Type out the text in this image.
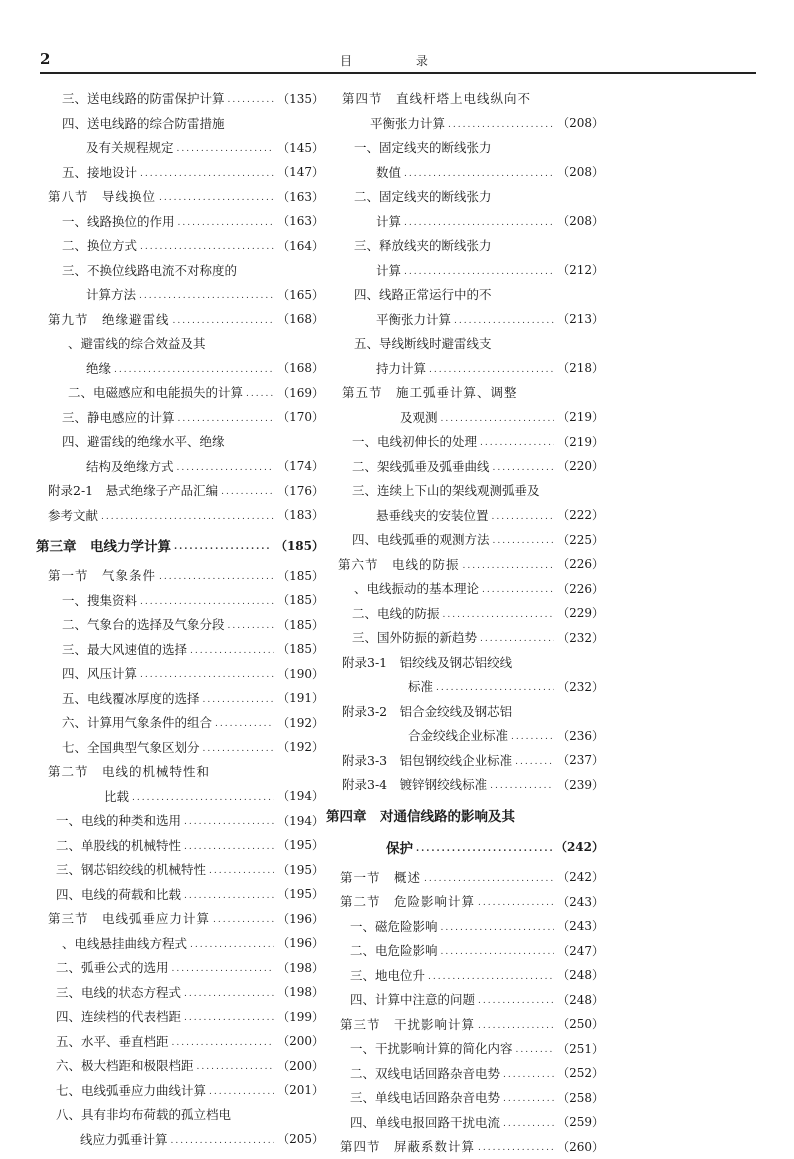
2	目 录
三、送电线路的防雷保护计算 .....	（135）
四、送电线路的综合防雷措施
及有关规程规定 .....	（145）
五、接地设计 .....	（147）
第八节　导线换位 .....	（163）
一、线路换位的作用 .....	（163）
二、换位方式 .....	（164）
三、不换位线路电流不对称度的
计算方法 .....	（165）
第九节　绝缘避雷线 .....	（168）
、避雷线的综合效益及其
绝缘 .....	（168）
二、电磁感应和电能损失的计算 .....	（169）
三、静电感应的计算 .....	（170）
四、避雷线的绝缘水平、绝缘
结构及绝缘方式 .....	（174）
附录2-1　悬式绝缘子产品汇编 .....	（176）
参考文献 .....	（183）
第三章　电线力学计算 .....	（185）
第一节　气象条件 .....	（185）
一、搜集资料 .....	（185）
二、气象台的选择及气象分段 .....	（185）
三、最大风速值的选择 .....	（185）
四、风压计算 .....	（190）
五、电线覆冰厚度的选择 .....	（191）
六、计算用气象条件的组合 .....	（192）
七、全国典型气象区划分 .....	（192）
第二节　电线的机械特性和
比载 .....	（194）
一、电线的种类和选用 .....	（194）
二、单股线的机械特性 .....	（195）
三、钢芯铝绞线的机械特性 .....	（195）
四、电线的荷载和比载 .....	（195）
第三节　电线弧垂应力计算 .....	（196）
、电线悬挂曲线方程式 .....	（196）
二、弧垂公式的选用 .....	（198）
三、电线的状态方程式 .....	（198）
四、连续档的代表档距 .....	（199）
五、水平、垂直档距 .....	（200）
六、极大档距和极限档距 .....	（200）
七、电线弧垂应力曲线计算 .....	（201）
八、具有非均布荷载的孤立档电
线应力弧垂计算 .....	（205）
第四节　直线杆塔上电线纵向不
平衡张力计算 .....	（208）
一、固定线夹的断线张力
数值 .....	（208）
二、固定线夹的断线张力
计算 .....	（208）
三、释放线夹的断线张力
计算 .....	（212）
四、线路正常运行中的不
平衡张力计算 .....	（213）
五、导线断线时避雷线支
持力计算 .....	（218）
第五节　施工弧垂计算、调整
及观测 .....	（219）
一、电线初伸长的处理 .....	（219）
二、架线弧垂及弧垂曲线 .....	（220）
三、连续上下山的架线观测弧垂及
悬垂线夹的安装位置 .....	（222）
四、电线弧垂的观测方法 .....	（225）
第六节　电线的防振 .....	（226）
、电线振动的基本理论 .....	（226）
二、电线的防振 .....	（229）
三、国外防振的新趋势 .....	（232）
附录3-1　铝绞线及钢芯铝绞线
标准 .....	（232）
附录3-2　铝合金绞线及钢芯铝
合金绞线企业标准 .....	（236）
附录3-3　铝包钢绞线企业标准 .....	（237）
附录3-4　镀锌钢绞线标准 .....	（239）
第四章　对通信线路的影响及其
保护 .....	（242）
第一节　概述 .....	（242）
第二节　危险影响计算 .....	（243）
一、磁危险影响 .....	（243）
二、电危险影响 .....	（247）
三、地电位升 .....	（248）
四、计算中注意的问题 .....	（248）
第三节　干扰影响计算 .....	（250）
一、干扰影响计算的简化内容 .....	（251）
二、双线电话回路杂音电势 .....	（252）
三、单线电话回路杂音电势 .....	（258）
四、单线电报回路干扰电流 .....	（259）
第四节　屏蔽系数计算 .....	（260）
